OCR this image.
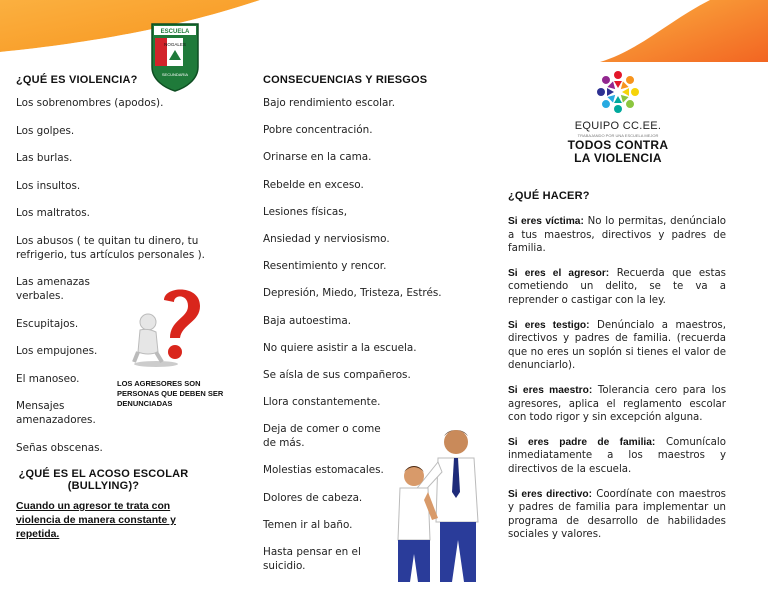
ESCUELA
NOGALES
SECUNDARIA
¿QUÉ ES VIOLENCIA?
Los sobrenombres (apodos).
Los golpes.
Las burlas.
Los insultos.
Los maltratos.
Los abusos ( te quitan tu dinero, tu refrigerio, tus artículos personales ).
Las amenazas verbales.
Escupitajos.
Los empujones.
El manoseo.
Mensajes amenazadores.
Señas obscenas.
¿QUÉ ES EL ACOSO ESCOLAR (BULLYING)?
Cuando un agresor te trata con violencia de manera constante y repetida.
LOS AGRESORES SON PERSONAS QUE DEBEN SER DENUNCIADAS
CONSECUENCIAS Y RIESGOS
Bajo rendimiento escolar.
Pobre concentración.
Orinarse en la cama.
Rebelde en exceso.
Lesiones físicas,
Ansiedad y nerviosismo.
Resentimiento y rencor.
Depresión, Miedo, Tristeza, Estrés.
Baja autoestima.
No quiere asistir a la escuela.
Se aísla de sus compañeros.
Llora constantemente.
Deja de comer o come de más.
Molestias estomacales.
Dolores de cabeza.
Temen ir al baño.
Hasta pensar en el suicidio.
EQUIPO CC.EE.
TRABAJANDO POR UNA ESCUELA MEJOR
TODOS CONTRA
LA VIOLENCIA
¿QUÉ HACER?
Si eres víctima: No lo permitas, denúncialo a tus maestros, directivos y padres de familia.
Si eres el agresor: Recuerda que estas cometiendo un delito, se te va a reprender o castigar con la ley.
Si eres testigo: Denúncialo a maestros, directivos y padres de familia. (recuerda que no eres un soplón si tienes el valor de denunciarlo).
Si eres maestro: Tolerancia cero para los agresores, aplica el reglamento escolar con todo rigor y sin excepción alguna.
Si eres padre de familia: Comunícalo inmediatamente a los maestros y directivos de la escuela.
Si eres directivo: Coordínate con maestros y padres de familia para implementar un programa de desarrollo de habilidades sociales y valores.
